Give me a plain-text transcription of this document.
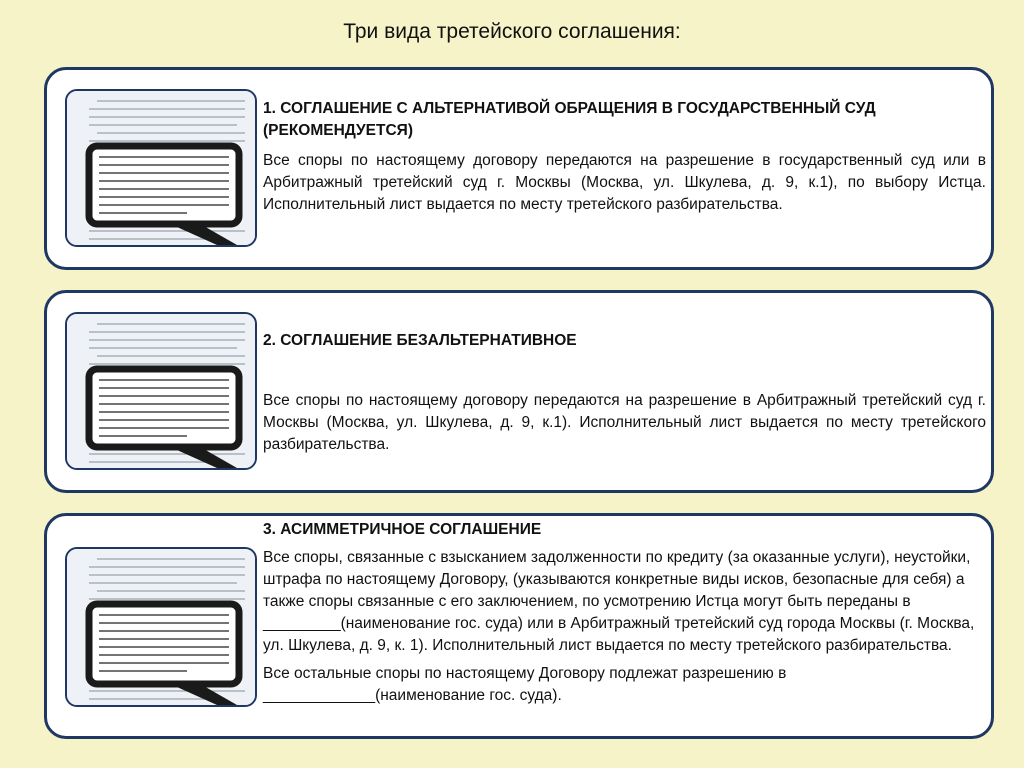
Три вида третейского соглашения:
1. СОГЛАШЕНИЕ С АЛЬТЕРНАТИВОЙ ОБРАЩЕНИЯ В ГОСУДАРСТВЕННЫЙ СУД (РЕКОМЕНДУЕТСЯ)

Все споры по настоящему договору передаются на разрешение в государственный суд или в Арбитражный третейский суд г. Москвы (Москва, ул. Шкулева, д. 9, к.1), по выбору Истца. Исполнительный лист выдается по месту третейского разбирательства.

2. СОГЛАШЕНИЕ БЕЗАЛЬТЕРНАТИВНОЕ

Все споры по настоящему договору передаются на разрешение в Арбитражный третейский суд г. Москвы (Москва, ул. Шкулева, д. 9, к.1). Исполнительный лист выдается по месту третейского разбирательства.

3. АСИММЕТРИЧНОЕ СОГЛАШЕНИЕ

Все споры, связанные с взысканием задолженности по кредиту (за оказанные услуги), неустойки, штрафа по настоящему Договору, (указываются конкретные виды исков, безопасные для себя) а также споры связанные с его заключением, по усмотрению Истца могут быть переданы в _________(наименование гос. суда) или в Арбитражный третейский суд города Москвы (г. Москва, ул. Шкулева, д. 9, к. 1). Исполнительный лист выдается по месту третейского разбирательства.

Все остальные споры по настоящему Договору подлежат разрешению в _____________(наименование гос. суда).
